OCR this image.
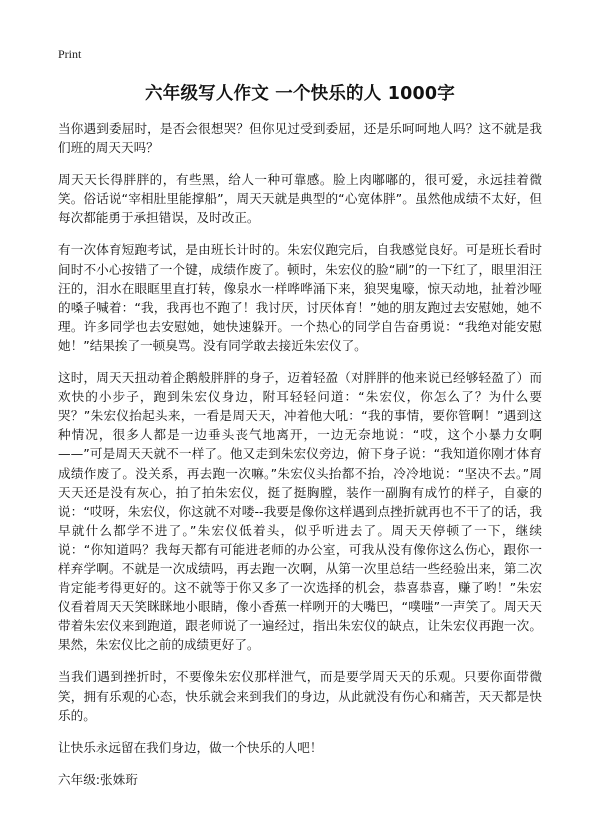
Print
六年级写人作文 一个快乐的人 1000字

当你遇到委屈时，是否会很想哭？但你见过受到委屈，还是乐呵呵地人吗？这不就是我们班的周天天吗？

周天天长得胖胖的，有些黑，给人一种可靠感。脸上肉嘟嘟的，很可爱，永远挂着微笑。俗话说“宰相肚里能撑船”，周天天就是典型的“心宽体胖”。虽然他成绩不太好，但每次都能勇于承担错误，及时改正。

有一次体育短跑考试，是由班长计时的。朱宏仪跑完后，自我感觉良好。可是班长看时间时不小心按错了一个键，成绩作废了。顿时，朱宏仪的脸“刷”的一下红了，眼里泪汪汪的，泪水在眼眶里直打转，像泉水一样哗哗涌下来，狼哭鬼嚎，惊天动地，扯着沙哑的嗓子喊着：“我，我再也不跑了！我讨厌，讨厌体育！”她的朋友跑过去安慰她，她不理。许多同学也去安慰她，她快速躲开。一个热心的同学自告奋勇说：“我绝对能安慰她！”结果挨了一顿臭骂。没有同学敢去接近朱宏仪了。

这时，周天天扭动着企鹅般胖胖的身子，迈着轻盈（对胖胖的他来说已经够轻盈了）而欢快的小步子，跑到朱宏仪身边，附耳轻轻问道：“朱宏仪，你怎么了？为什么要哭？”朱宏仪抬起头来，一看是周天天，冲着他大吼：“我的事情，要你管啊！”遇到这种情况，很多人都是一边垂头丧气地离开，一边无奈地说：“哎，这个小暴力女啊——”可是周天天就不一样了。他又走到朱宏仪旁边，俯下身子说：“我知道你刚才体育成绩作废了。没关系，再去跑一次嘛。”朱宏仪头抬都不抬，冷冷地说：“坚决不去。”周天天还是没有灰心，拍了拍朱宏仪，挺了挺胸膛，装作一副胸有成竹的样子，自豪的说：“哎呀，朱宏仪，你这就不对喽--我要是像你这样遇到点挫折就再也不干了的话，我早就什么都学不进了。”朱宏仪低着头，似乎听进去了。周天天停顿了一下，继续说：“你知道吗？我每天都有可能进老师的办公室，可我从没有像你这么伤心，跟你一样弃学啊。不就是一次成绩吗，再去跑一次啊，从第一次里总结一些经验出来，第二次肯定能考得更好的。这不就等于你又多了一次选择的机会，恭喜恭喜，赚了哟！”朱宏仪看着周天天笑眯眯地小眼睛，像小香蕉一样咧开的大嘴巴，“噗嗤”一声笑了。周天天带着朱宏仪来到跑道，跟老师说了一遍经过，指出朱宏仪的缺点，让朱宏仪再跑一次。果然，朱宏仪比之前的成绩更好了。

当我们遇到挫折时，不要像朱宏仪那样泄气，而是要学周天天的乐观。只要你面带微笑，拥有乐观的心态，快乐就会来到我们的身边，从此就没有伤心和痛苦，天天都是快乐的。

让快乐永远留在我们身边，做一个快乐的人吧！

六年级:张姝珩
